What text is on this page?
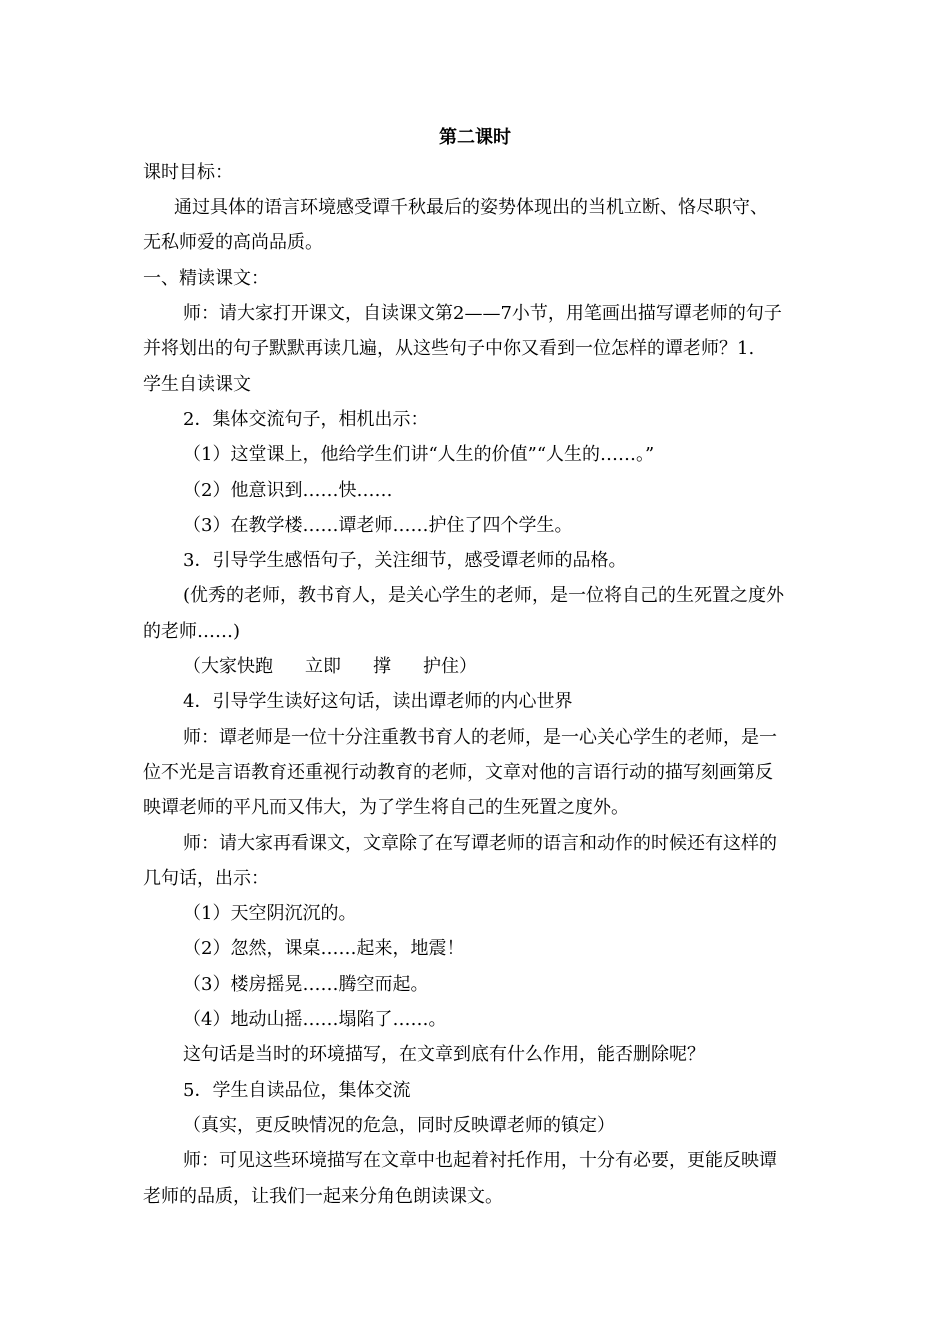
第二课时
课时目标：
通过具体的语言环境感受谭千秋最后的姿势体现出的当机立断、恪尽职守、
无私师爱的高尚品质。
一、精读课文：
师：请大家打开课文，自读课文第2——7小节，用笔画出描写谭老师的句子
并将划出的句子默默再读几遍，从这些句子中你又看到一位怎样的谭老师？1.
学生自读课文
2．集体交流句子，相机出示：
（1）这堂课上，他给学生们讲“人生的价值”“人生的……。”
（2）他意识到……快……
（3）在教学楼……谭老师……护住了四个学生。
3．引导学生感悟句子，关注细节，感受谭老师的品格。
(优秀的老师，教书育人，是关心学生的老师，是一位将自己的生死置之度外
的老师……)
（大家快跑 立即 撑 护住）
4．引导学生读好这句话，读出谭老师的内心世界
师：谭老师是一位十分注重教书育人的老师，是一心关心学生的老师，是一
位不光是言语教育还重视行动教育的老师，文章对他的言语行动的描写刻画第反
映谭老师的平凡而又伟大，为了学生将自己的生死置之度外。
师：请大家再看课文，文章除了在写谭老师的语言和动作的时候还有这样的
几句话，出示：
（1）天空阴沉沉的。
（2）忽然，课桌……起来，地震！
（3）楼房摇晃……腾空而起。
（4）地动山摇……塌陷了……。
这句话是当时的环境描写，在文章到底有什么作用，能否删除呢？
5．学生自读品位，集体交流
（真实，更反映情况的危急，同时反映谭老师的镇定）
师：可见这些环境描写在文章中也起着衬托作用，十分有必要，更能反映谭
老师的品质，让我们一起来分角色朗读课文。
